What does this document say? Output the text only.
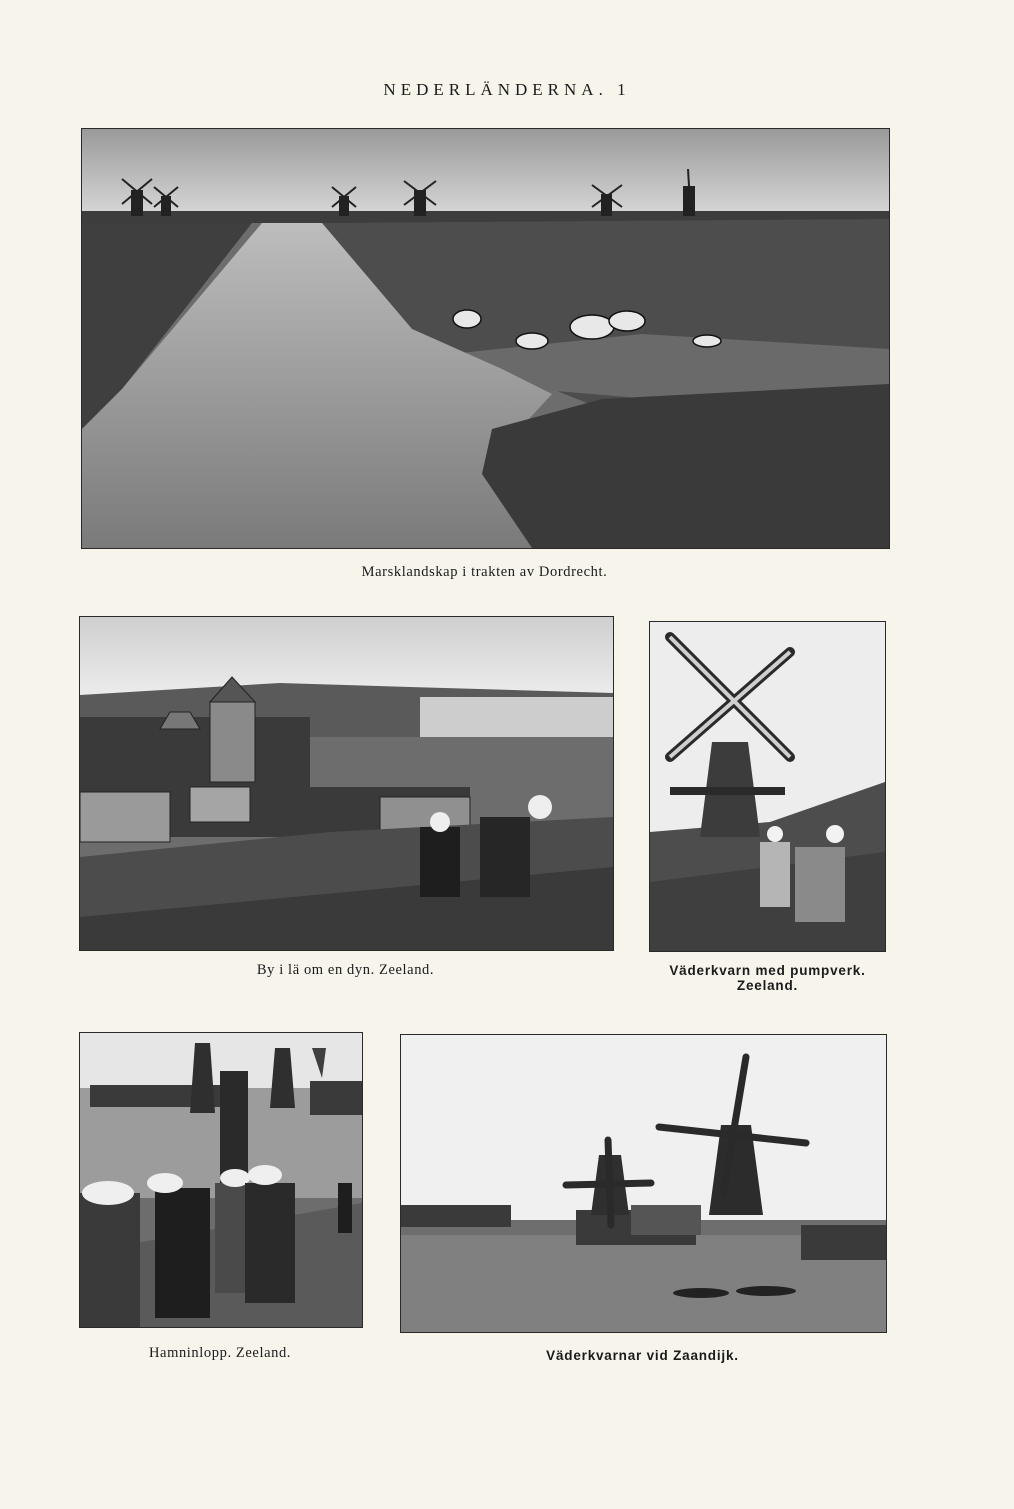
NEDERLÄNDERNA. 1
Marsklandskap i trakten av Dordrecht.
By i lä om en dyn. Zeeland.	Väderkvarn med pumpverk.
Zeeland.
Hamninlopp. Zeeland.	Väderkvarnar vid Zaandijk.
